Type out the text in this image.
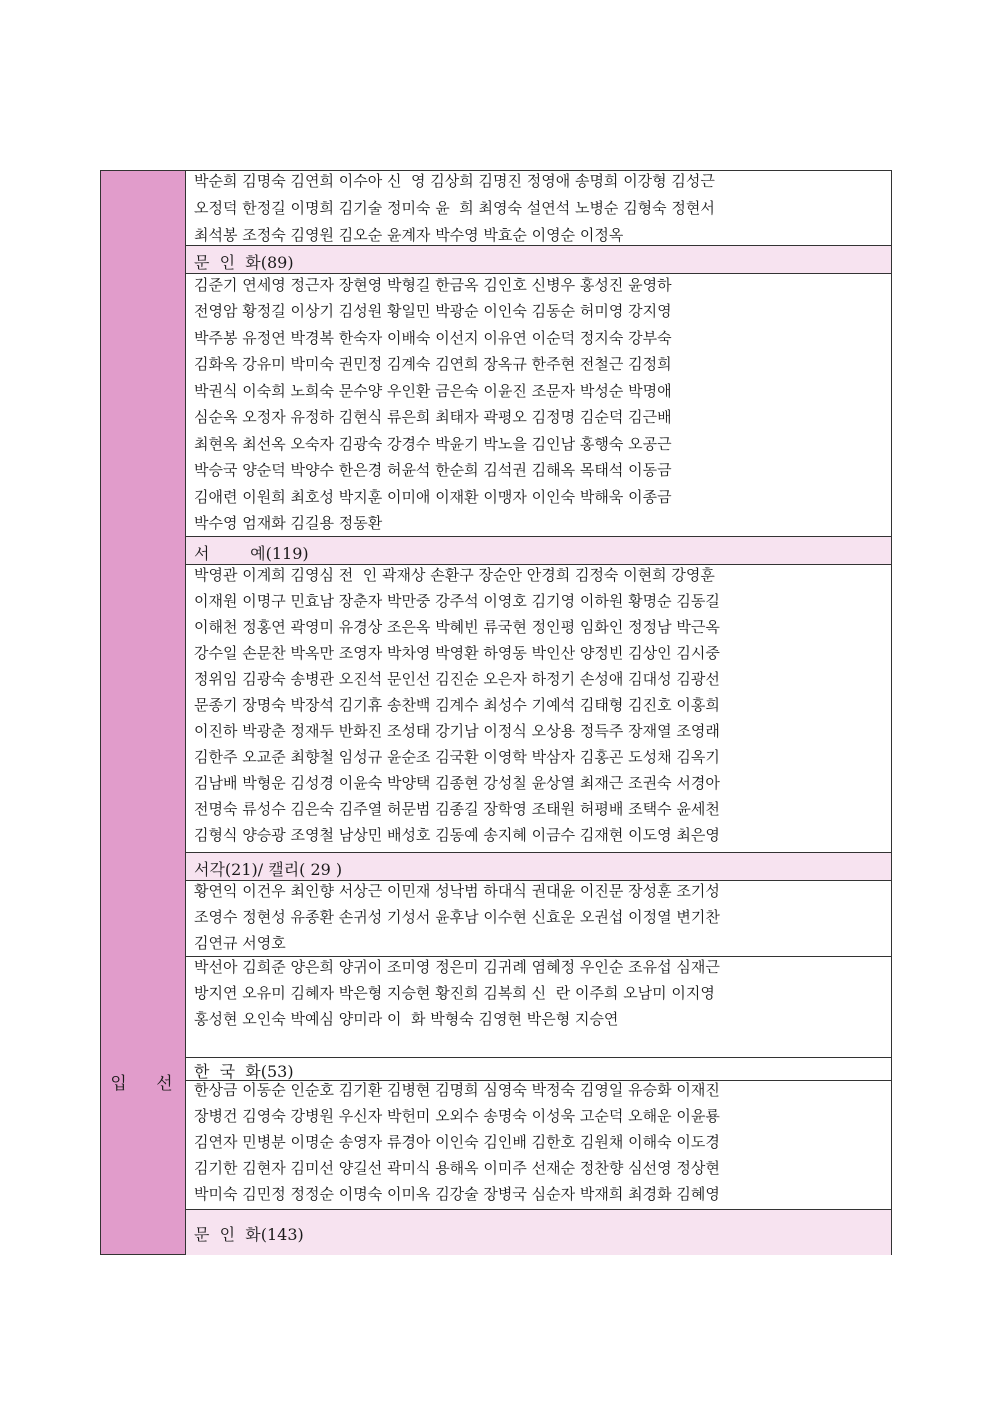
입 선
박순희 김명숙 김연희 이수아 신  영 김상희 김명진 정영애 송명희 이강형 김성근
오정덕 한정길 이명희 김기술 정미숙 윤  희 최영숙 설연석 노병순 김형숙 정현서
최석봉 조정숙 김영원 김오순 윤계자 박수영 박효순 이영순 이정옥
문  인  화(89)
김준기 연세영 정근자 장현영 박형길 한금옥 김인호 신병우 홍성진 윤영하
전영암 황정길 이상기 김성원 황일민 박광순 이인숙 김동순 허미영 강지영
박주봉 유정연 박경복 한숙자 이배숙 이선지 이유연 이순덕 정지숙 강부숙
김화옥 강유미 박미숙 권민정 김계숙 김연희 장옥규 한주현 전철근 김정희
박권식 이숙희 노희숙 문수양 우인환 금은숙 이윤진 조문자 박성순 박명애
심순옥 오정자 유정하 김현식 류은희 최태자 곽평오 김정명 김순덕 김근배
최현옥 최선옥 오숙자 김광숙 강경수 박윤기 박노을 김인남 홍행숙 오공근
박승국 양순덕 박양수 한은경 허윤석 한순희 김석권 김해옥 목태석 이동금
김애련 이원희 최호성 박지훈 이미애 이재환 이맹자 이인숙 박해욱 이종금
박수영 엄재화 김길용 정동환
서        예(119)
박영관 이계희 김영심 전  인 곽재상 손환구 장순안 안경희 김정숙 이현희 강영훈
이재원 이명구 민효남 장춘자 박만중 강주석 이영호 김기영 이하원 황명순 김동길
이해천 정홍연 곽영미 유경상 조은옥 박혜빈 류국현 정인평 임화인 정정남 박근옥
강수일 손문찬 박옥만 조영자 박차영 박영환 하영동 박인산 양정빈 김상인 김시중
정위임 김광숙 송병관 오진석 문인선 김진순 오은자 하정기 손성애 김대성 김광선
문종기 장명숙 박장석 김기휴 송찬백 김계수 최성수 기예석 김태형 김진호 이홍희
이진하 박광춘 정재두 반화진 조성태 강기남 이정식 오상용 정득주 장재열 조영래
김한주 오교준 최향철 임성규 윤순조 김국환 이영학 박삼자 김홍곤 도성채 김옥기
김남배 박형운 김성경 이윤숙 박양택 김종현 강성칠 윤상열 최재근 조권숙 서경아
전명숙 류성수 김은숙 김주열 허문범 김종길 장학영 조태원 허평배 조택수 윤세천
김형식 양승광 조영철 남상민 배성호 김동예 송지혜 이금수 김재현 이도영 최은영
서각(21)/ 캘리( 29 )
황연익 이건우 최인향 서상근 이민재 성낙범 하대식 권대윤 이진문 장성훈 조기성
조영수 정현성 유종환 손귀성 기성서 윤후남 이수현 신효운 오권섭 이정열 변기찬
김연규 서영호
박선아 김희준 양은희 양귀이 조미영 정은미 김귀례 염혜정 우인순 조유섭 심재근
방지연 오유미 김혜자 박은형 지승현 황진희 김복희 신  란 이주희 오남미 이지영
홍성현 오인숙 박예심 양미라 이  화 박형숙 김영현 박은형 지승연
한  국  화(53)
한상금 이동순 인순호 김기환 김병현 김명희 심영숙 박정숙 김영일 유승화 이재진
장병건 김영숙 강병원 우신자 박헌미 오외수 송명숙 이성욱 고순덕 오해운 이윤룡
김연자 민병분 이명순 송영자 류경아 이인숙 김인배 김한호 김원채 이해숙 이도경
김기한 김현자 김미선 양길선 곽미식 용해옥 이미주 선재순 정찬향 심선영 정상현
박미숙 김민정 정정순 이명숙 이미옥 김강술 장병국 심순자 박재희 최경화 김혜영
문  인  화(143)
